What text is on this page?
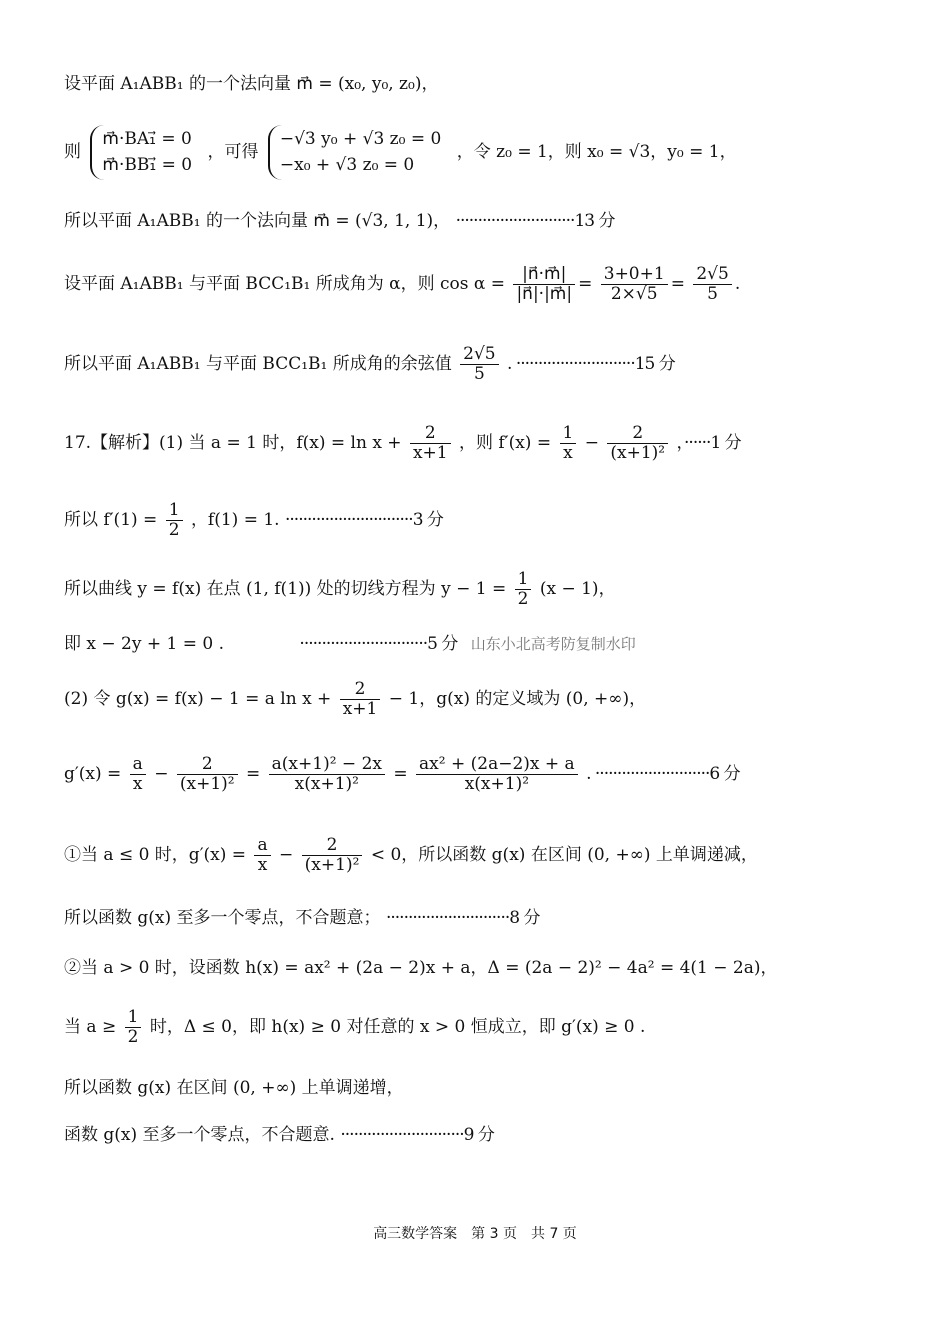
设平面 A₁ABB₁ 的一个法向量 m⃗ = (x₀, y₀, z₀)，
则
m⃗·BA₁⃗ = 0
m⃗·BB₁⃗ = 0
，可得
−√3 y₀ + √3 z₀ = 0
−x₀ + √3 z₀ = 0
，令 z₀ = 1，则 x₀ = √3，y₀ = 1，
所以平面 A₁ABB₁ 的一个法向量 m⃗ = (√3, 1, 1)， ···························13 分
设平面 A₁ABB₁ 与平面 BCC₁B₁ 所成角为 α，则 $\cos \alpha = \frac{|n⃗\cdot m⃗|}{|n⃗|\cdot|m⃗|} = \frac{3+0+1}{2\times√5} = \frac{2√5}{5}$ .
所以平面 A₁ABB₁ 与平面 BCC₁B₁ 所成角的余弦值 $\frac{2√5}{5}$ . ···························15 分
17.【解析】(1) 当 a = 1 时，$f(x) = \ln x + \frac{2}{x+1}$ ，则 $f'(x) = \frac{1}{x} - \frac{2}{\text{(x+1)²}}$ ，······1 分
所以 $f'(1) = \frac{1}{2}$ ，f(1) = 1. ·····························3 分
所以曲线 y = f(x) 在点 (1, f(1)) 处的切线方程为 $y - 1 = \frac{1}{2} (x - 1)$，
即 x − 2y + 1 = 0 .	·····························5 分 山东小北高考防复制水印
(2) 令 g(x) = f(x) − 1 = a $\ln x + \frac{2}{x+1} - 1$，g(x) 的定义域为 (0, +∞)，
$g'(x) = \frac{a}{x} - \frac{2}{\text{(x+1)²}} = \frac{\text{a(x+1)² − 2x}}{\text{x(x+1)²}} = \frac{\text{ax² + (2a−2)x + a}}{\text{x(x+1)²}}$ . ··························6 分
①当 a ≤ 0 时，$g'(x) = \frac{a}{x} - \frac{2}{\text{(x+1)²}} < 0$，所以函数 g(x) 在区间 (0, +∞) 上单调递减，
所以函数 g(x) 至多一个零点，不合题意； ····························8 分
②当 a > 0 时，设函数 h(x) = ax² + (2a − 2)x + a，Δ = (2a − 2)² − 4a² = 4(1 − 2a)，
当 $a \ge \frac{1}{2}$ 时，Δ ≤ 0，即 h(x) ≥ 0 对任意的 x > 0 恒成立，即 g′(x) ≥ 0 .
所以函数 g(x) 在区间 (0, +∞) 上单调递增，
函数 g(x) 至多一个零点，不合题意. ····························9 分
高三数学答案　第 3 页　共 7 页
